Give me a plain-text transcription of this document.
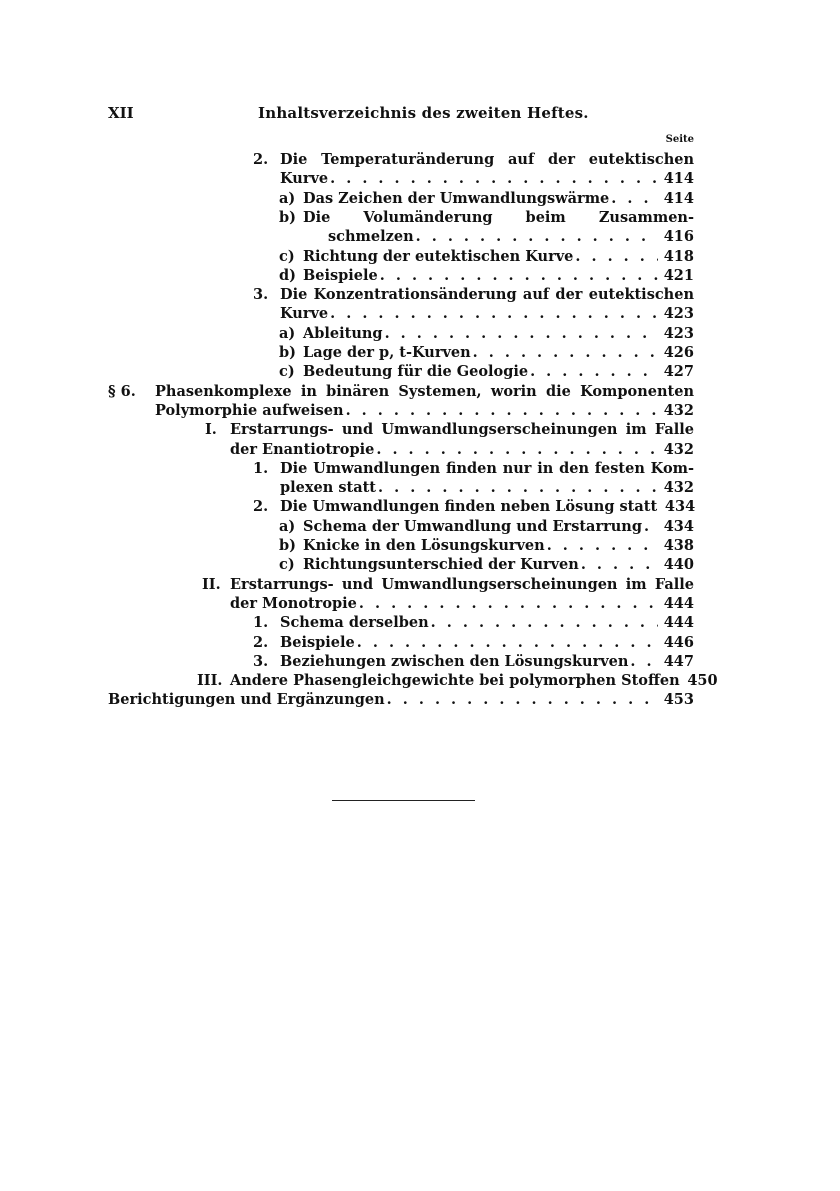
XII	Inhaltsverzeichnis des zweiten Heftes.
Seite
2. Die Temperaturänderung auf der eutektischen
Kurve . . .	414
a) Das Zeichen der Umwandlungswärme . . .	414
b) Die Volumänderung beim Zusammen-
schmelzen . . .	416
c) Richtung der eutektischen Kurve . . .	418
d) Beispiele . . .	421
3. Die Konzentrationsänderung auf der eutektischen
Kurve . . .	423
a) Ableitung . . .	423
b) Lage der p, t-Kurven . . .	426
c) Bedeutung für die Geologie . . .	427
§ 6. Phasenkomplexe in binären Systemen, worin die Komponenten
Polymorphie aufweisen . . .	432
I. Erstarrungs- und Umwandlungserscheinungen im Falle
der Enantiotropie . . .	432
1. Die Umwandlungen finden nur in den festen Kom-
plexen statt . . .	432
2. Die Umwandlungen finden neben Lösung statt 434
a) Schema der Umwandlung und Erstarrung . . .	434
b) Knicke in den Lösungskurven . . .	438
c) Richtungsunterschied der Kurven . . .	440
II. Erstarrungs- und Umwandlungserscheinungen im Falle
der Monotropie . . .	444
1. Schema derselben . . .	444
2. Beispiele . . .	446
3. Beziehungen zwischen den Lösungskurven . . .	447
III. Andere Phasengleichgewichte bei polymorphen Stoffen 450
Berichtigungen und Ergänzungen . . .	453
